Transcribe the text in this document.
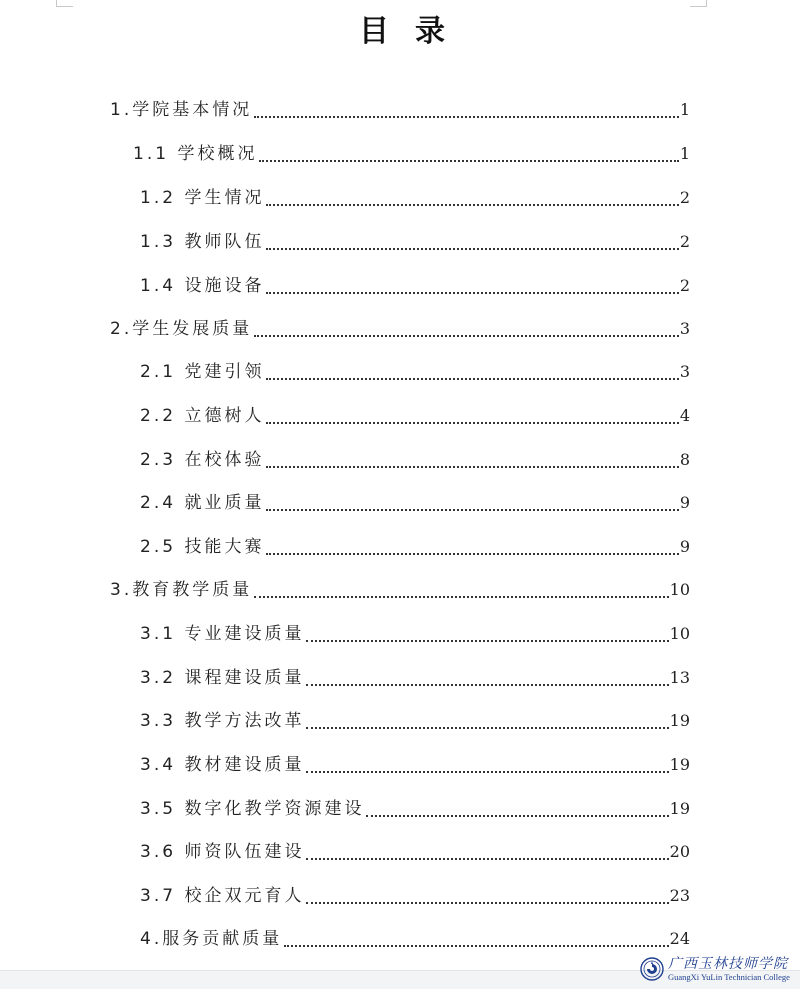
目录
1.学院基本情况	1
1.1 学校概况	1
1.2 学生情况	2
1.3 教师队伍	2
1.4 设施设备	2
2.学生发展质量	3
2.1 党建引领	3
2.2 立德树人	4
2.3 在校体验	8
2.4 就业质量	9
2.5 技能大赛	9
3.教育教学质量	10
3.1 专业建设质量	10
3.2 课程建设质量	13
3.3 教学方法改革	19
3.4 教材建设质量	19
3.5 数字化教学资源建设	19
3.6 师资队伍建设	20
3.7 校企双元育人	23
4.服务贡献质量	24
广西玉林技师学院
GuangXi YuLin Technician College
